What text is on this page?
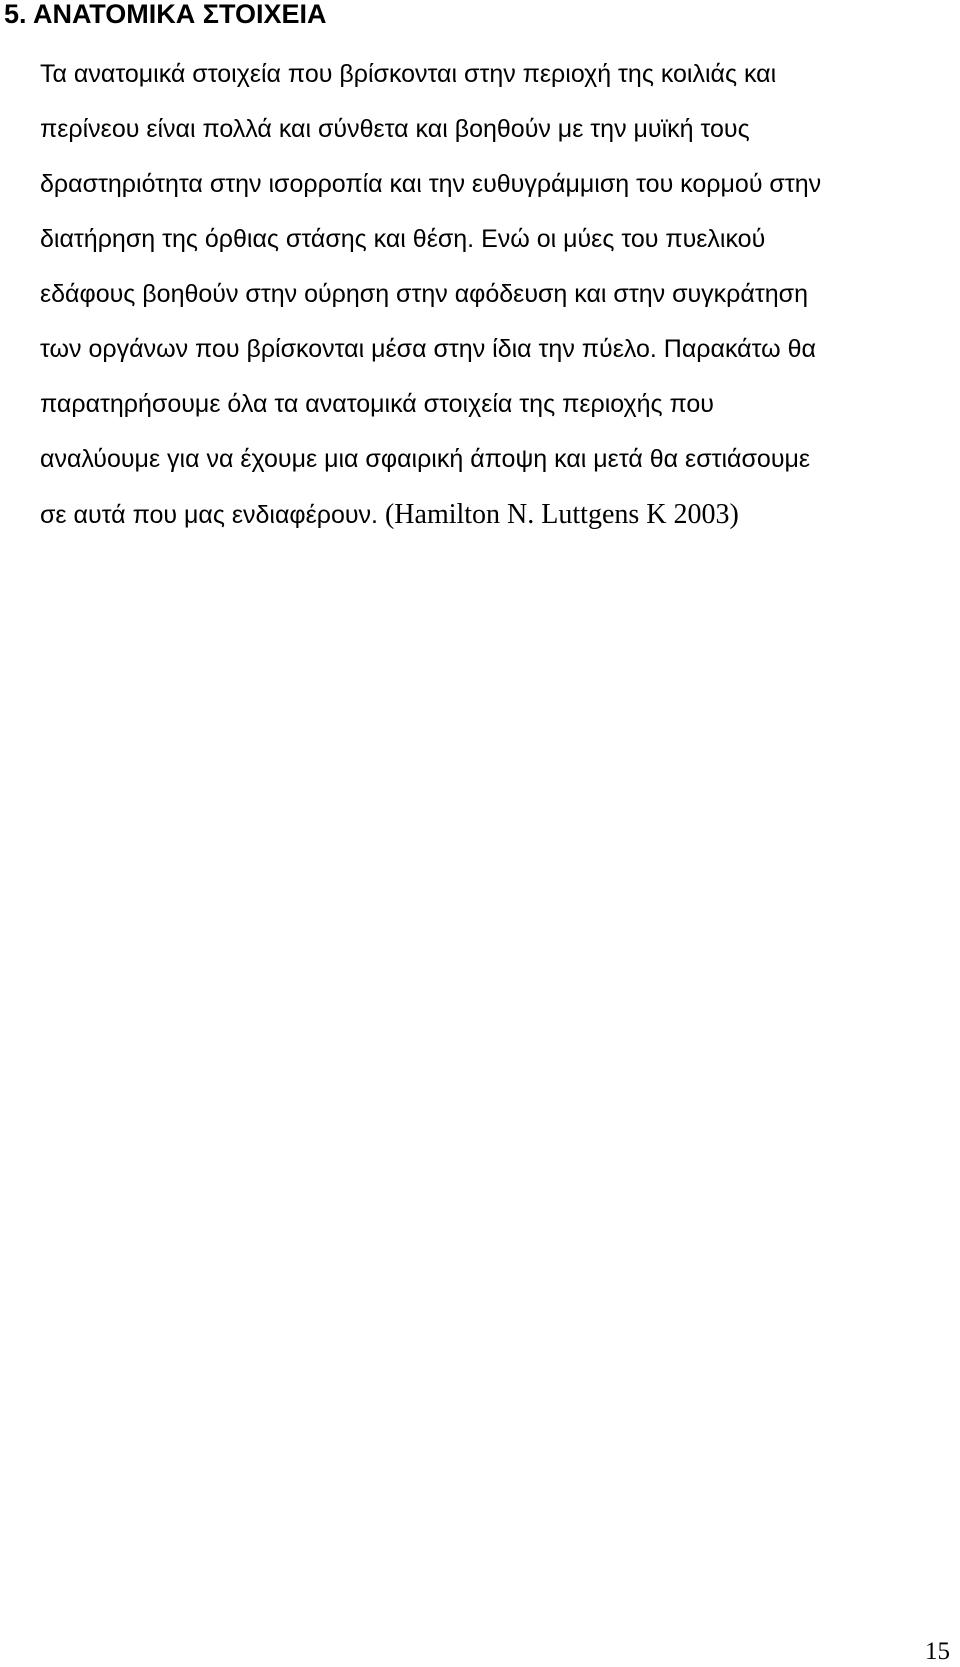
5. ΑΝΑΤΟΜΙΚΑ ΣΤΟΙΧΕΙΑ

Τα ανατομικά στοιχεία που βρίσκονται στην περιοχή της κοιλιάς και
περίνεου είναι πολλά και σύνθετα και βοηθούν με την μυϊκή τους
δραστηριότητα στην ισορροπία και την ευθυγράμμιση του κορμού στην
διατήρηση της όρθιας στάσης και θέση. Ενώ οι μύες του πυελικού
εδάφους βοηθούν στην ούρηση στην αφόδευση και στην συγκράτηση
των οργάνων που βρίσκονται μέσα στην ίδια την πύελο. Παρακάτω θα
παρατηρήσουμε όλα τα ανατομικά στοιχεία της περιοχής που
αναλύουμε για να έχουμε μια σφαιρική άποψη και μετά θα εστιάσουμε
σε αυτά που μας ενδιαφέρουν. (Hamilton N. Luttgens K 2003)

15
